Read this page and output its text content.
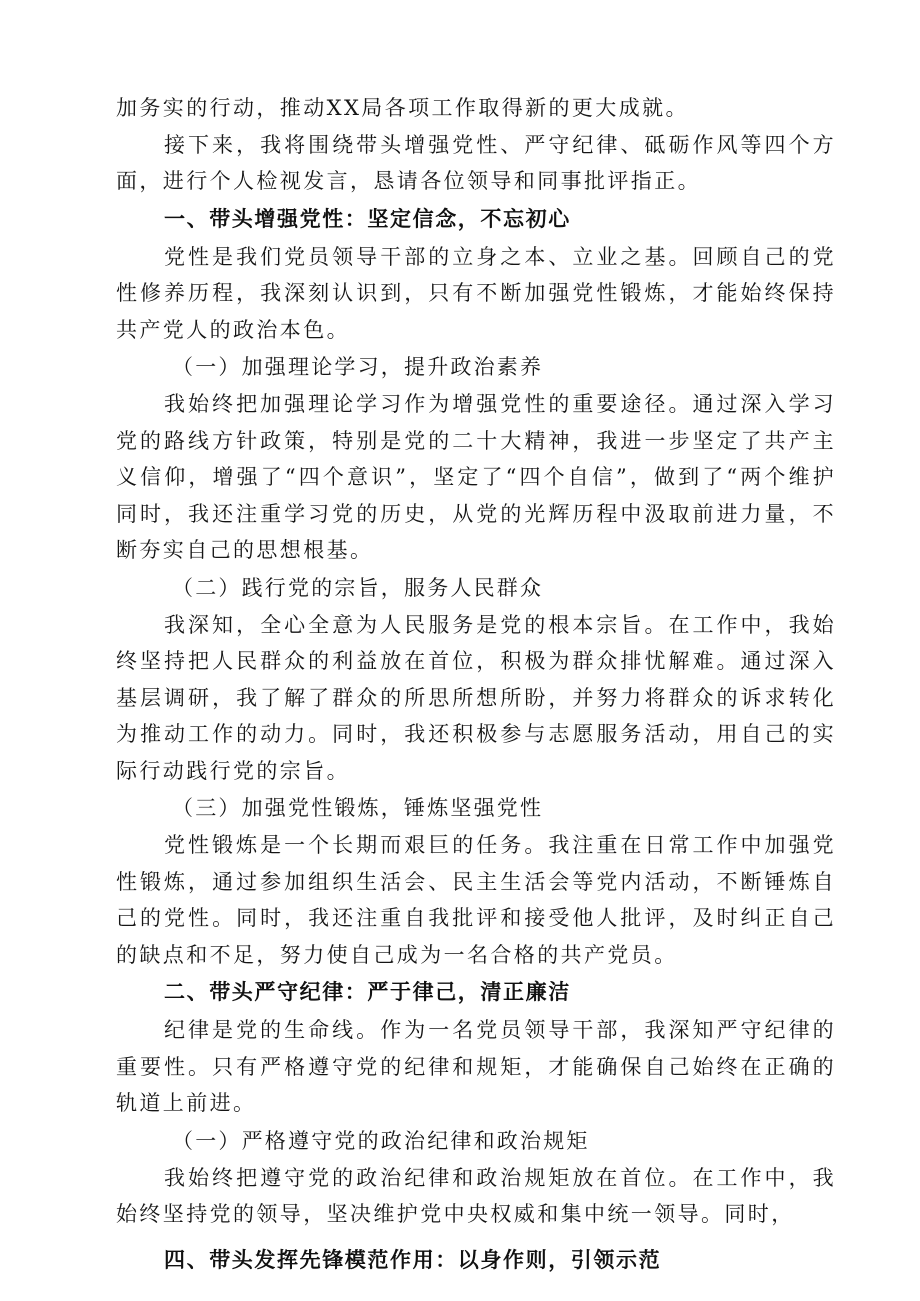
加务实的行动，推动XX局各项工作取得新的更大成就。

接下来，我将围绕带头增强党性、严守纪律、砥砺作风等四个方面，进行个人检视发言，恳请各位领导和同事批评指正。

一、带头增强党性：坚定信念，不忘初心

党性是我们党员领导干部的立身之本、立业之基。回顾自己的党性修养历程，我深刻认识到，只有不断加强党性锻炼，才能始终保持共产党人的政治本色。

（一）加强理论学习，提升政治素养

我始终把加强理论学习作为增强党性的重要途径。通过深入学习党的路线方针政策，特别是党的二十大精神，我进一步坚定了共产主义信仰，增强了“四个意识”，坚定了“四个自信”，做到了“两个维护同时，我还注重学习党的历史，从党的光辉历程中汲取前进力量，不断夯实自己的思想根基。

（二）践行党的宗旨，服务人民群众

我深知，全心全意为人民服务是党的根本宗旨。在工作中，我始终坚持把人民群众的利益放在首位，积极为群众排忧解难。通过深入基层调研，我了解了群众的所思所想所盼，并努力将群众的诉求转化为推动工作的动力。同时，我还积极参与志愿服务活动，用自己的实际行动践行党的宗旨。

（三）加强党性锻炼，锤炼坚强党性

党性锻炼是一个长期而艰巨的任务。我注重在日常工作中加强党性锻炼，通过参加组织生活会、民主生活会等党内活动，不断锤炼自己的党性。同时，我还注重自我批评和接受他人批评，及时纠正自己的缺点和不足，努力使自己成为一名合格的共产党员。

二、带头严守纪律：严于律己，清正廉洁

纪律是党的生命线。作为一名党员领导干部，我深知严守纪律的重要性。只有严格遵守党的纪律和规矩，才能确保自己始终在正确的轨道上前进。

（一）严格遵守党的政治纪律和政治规矩

我始终把遵守党的政治纪律和政治规矩放在首位。在工作中，我始终坚持党的领导，坚决维护党中央权威和集中统一领导。同时，

四、带头发挥先锋模范作用：以身作则，引领示范
